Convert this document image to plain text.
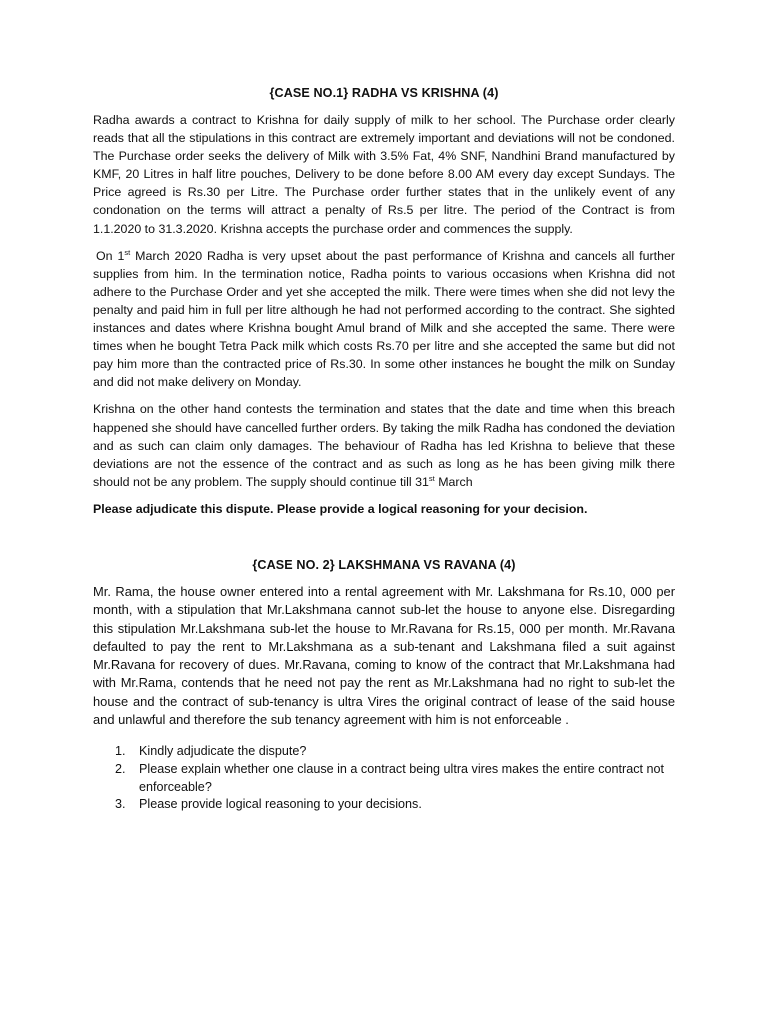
{CASE NO.1} RADHA VS KRISHNA (4)

Radha awards a contract to Krishna for daily supply of milk to her school. The Purchase order clearly reads that all the stipulations in this contract are extremely important and deviations will not be condoned. The Purchase order seeks the delivery of Milk with 3.5% Fat, 4% SNF, Nandhini Brand manufactured by KMF, 20 Litres in half litre pouches, Delivery to be done before 8.00 AM every day except Sundays. The Price agreed is Rs.30 per Litre. The Purchase order further states that in the unlikely event of any condonation on the terms will attract a penalty of Rs.5 per litre. The period of the Contract is from 1.1.2020 to 31.3.2020. Krishna accepts the purchase order and commences the supply.

On 1st March 2020 Radha is very upset about the past performance of Krishna and cancels all further supplies from him. In the termination notice, Radha points to various occasions when Krishna did not adhere to the Purchase Order and yet she accepted the milk. There were times when she did not levy the penalty and paid him in full per litre although he had not performed according to the contract. She sighted instances and dates where Krishna bought Amul brand of Milk and she accepted the same. There were times when he bought Tetra Pack milk which costs Rs.70 per litre and she accepted the same but did not pay him more than the contracted price of Rs.30. In some other instances he bought the milk on Sunday and did not make delivery on Monday.

Krishna on the other hand contests the termination and states that the date and time when this breach happened she should have cancelled further orders. By taking the milk Radha has condoned the deviation and as such can claim only damages. The behaviour of Radha has led Krishna to believe that these deviations are not the essence of the contract and as such as long as he has been giving milk there should not be any problem. The supply should continue till 31st March

Please adjudicate this dispute. Please provide a logical reasoning for your decision.

{CASE NO. 2} LAKSHMANA VS RAVANA (4)

Mr. Rama, the house owner entered into a rental agreement with Mr. Lakshmana for Rs.10, 000 per month, with a stipulation that Mr.Lakshmana cannot sub-let the house to anyone else. Disregarding this stipulation Mr.Lakshmana sub-let the house to Mr.Ravana for Rs.15, 000 per month. Mr.Ravana defaulted to pay the rent to Mr.Lakshmana as a sub-tenant and Lakshmana filed a suit against Mr.Ravana for recovery of dues. Mr.Ravana, coming to know of the contract that Mr.Lakshmana had with Mr.Rama, contends that he need not pay the rent as Mr.Lakshmana had no right to sub-let the house and the contract of sub-tenancy is ultra Vires the original contract of lease of the said house and unlawful and therefore the sub tenancy agreement with him is not enforceable .

1. Kindly adjudicate the dispute?
2. Please explain whether one clause in a contract being ultra vires makes the entire contract not enforceable?
3. Please provide logical reasoning to your decisions.
